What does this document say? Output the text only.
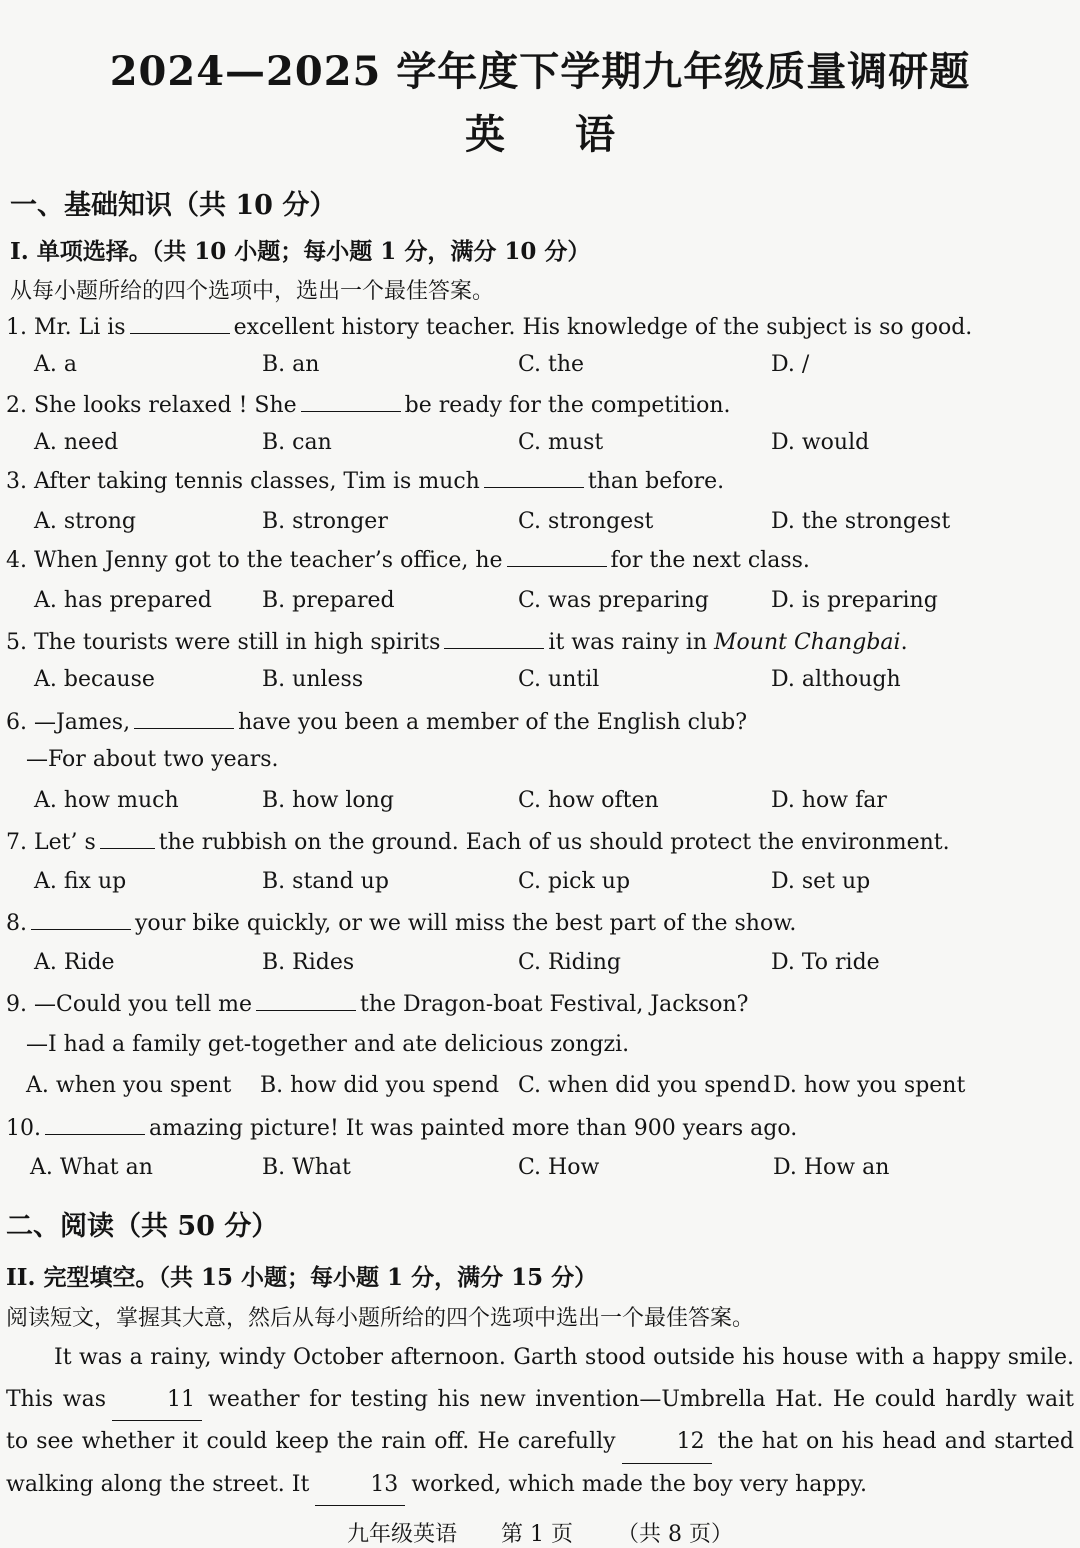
2024—2025 学年度下学期九年级质量调研题
英 语
一、基础知识（共 10 分）
I. 单项选择。（共 10 小题；每小题 1 分，满分 10 分）
从每小题所给的四个选项中，选出一个最佳答案。
1. Mr. Li is	excellent history teacher. His knowledge of the subject is so good.
A. a	B. an	C. the	D. /
2. She looks relaxed ! She	be ready for the competition.
A. need	B. can	C. must	D. would
3. After taking tennis classes, Tim is much	than before.
A. strong	B. stronger	C. strongest	D. the strongest
4. When Jenny got to the teacher’s office, he	for the next class.
A. has prepared B. prepared	C. was preparing	D. is preparing
5. The tourists were still in high spirits	it was rainy in Mount Changbai.
A. because	B. unless	C. until	D. although
6. —James,	have you been a member of the English club?
—For about two years.
A. how much	B. how long	C. how often	D. how far
7. Let’ s	the rubbish on the ground. Each of us should protect the environment.
A. fix up	B. stand up	C. pick up	D. set up
8.	your bike quickly, or we will miss the best part of the show.
A. Ride	B. Rides	C. Riding	D. To ride
9. —Could you tell me	the Dragon-boat Festival, Jackson?
—I had a family get-together and ate delicious zongzi.
A. when you spent B. how did you spend C. when did you spend D. how you spent
10.	amazing picture! It was painted more than 900 years ago.
A. What an	B. What	C. How	D. How an
二、阅读（共 50 分）
II. 完型填空。（共 15 小题；每小题 1 分，满分 15 分）
阅读短文，掌握其大意，然后从每小题所给的四个选项中选出一个最佳答案。

It was a rainy, windy October afternoon. Garth stood outside his house with a happy smile. This was	11 weather for testing his new invention—Umbrella Hat. He could hardly wait to see whether it could keep the rain off. He carefully	12 the hat on his head and started walking along the street. It	13 worked, which made the boy very happy.

九年级英语 第 1 页 （共 8 页）
